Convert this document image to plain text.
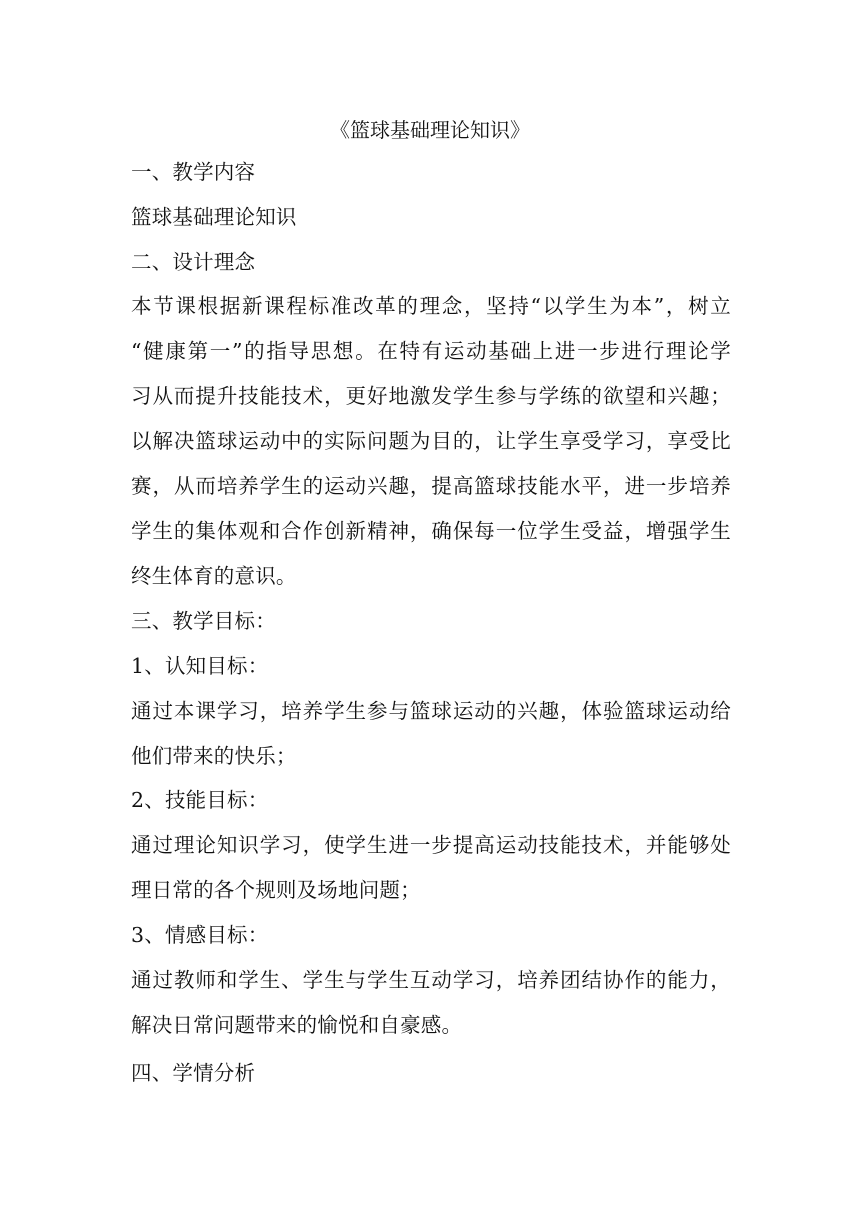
《篮球基础理论知识》
一、教学内容
篮球基础理论知识
二、设计理念
本节课根据新课程标准改革的理念，坚持“以学生为本”，树立
“健康第一”的指导思想。在特有运动基础上进一步进行理论学
习从而提升技能技术，更好地激发学生参与学练的欲望和兴趣；
以解决篮球运动中的实际问题为目的，让学生享受学习，享受比
赛，从而培养学生的运动兴趣，提高篮球技能水平，进一步培养
学生的集体观和合作创新精神，确保每一位学生受益，增强学生
终生体育的意识。
三、教学目标：
1、认知目标：
通过本课学习，培养学生参与篮球运动的兴趣，体验篮球运动给
他们带来的快乐；
2、技能目标：
通过理论知识学习，使学生进一步提高运动技能技术，并能够处
理日常的各个规则及场地问题；
3、情感目标：
通过教师和学生、学生与学生互动学习，培养团结协作的能力，
解决日常问题带来的愉悦和自豪感。
四、学情分析
